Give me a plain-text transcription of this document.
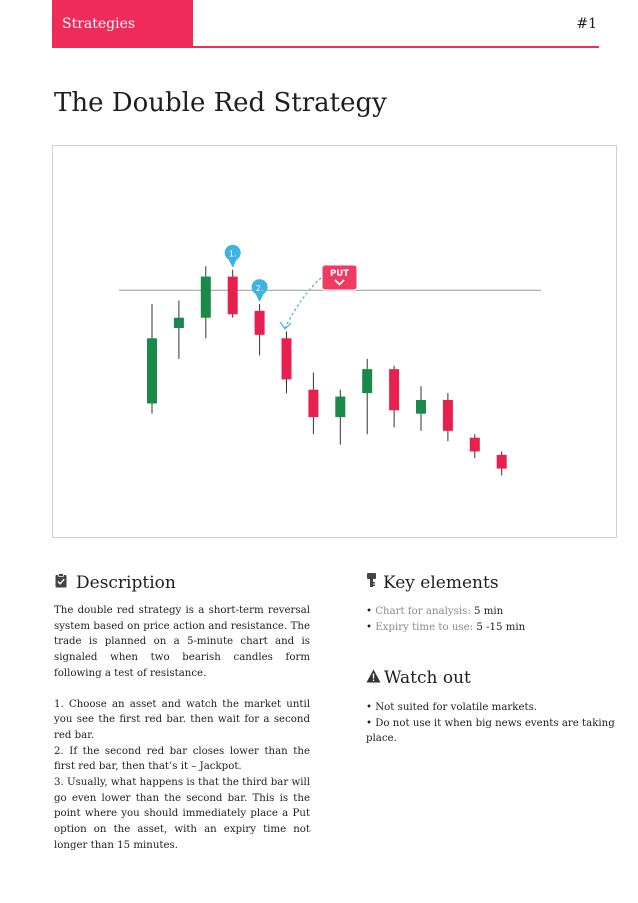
Strategies	#1
The Double Red Strategy
1.
2.
PUT
Description

The double red strategy is a short-term reversal system based on price action and resistance. The trade is planned on a 5-minute chart and is signaled when two bearish candles form following a test of resistance.

1. Choose an asset and watch the market until you see the first red bar. then wait for a second red bar.

2. If the second red bar closes lower than the first red bar, then that’s it – Jackpot.

3. Usually, what happens is that the third bar will go even lower than the second bar. This is the point where you should immediately place a Put option on the asset, with an expiry time not longer than 15 minutes.

Key elements
• Chart for analysis: 5 min
• Expiry time to use: 5 -15 min
Watch out
• Not suited for volatile markets.
• Do not use it when big news events are taking place.
